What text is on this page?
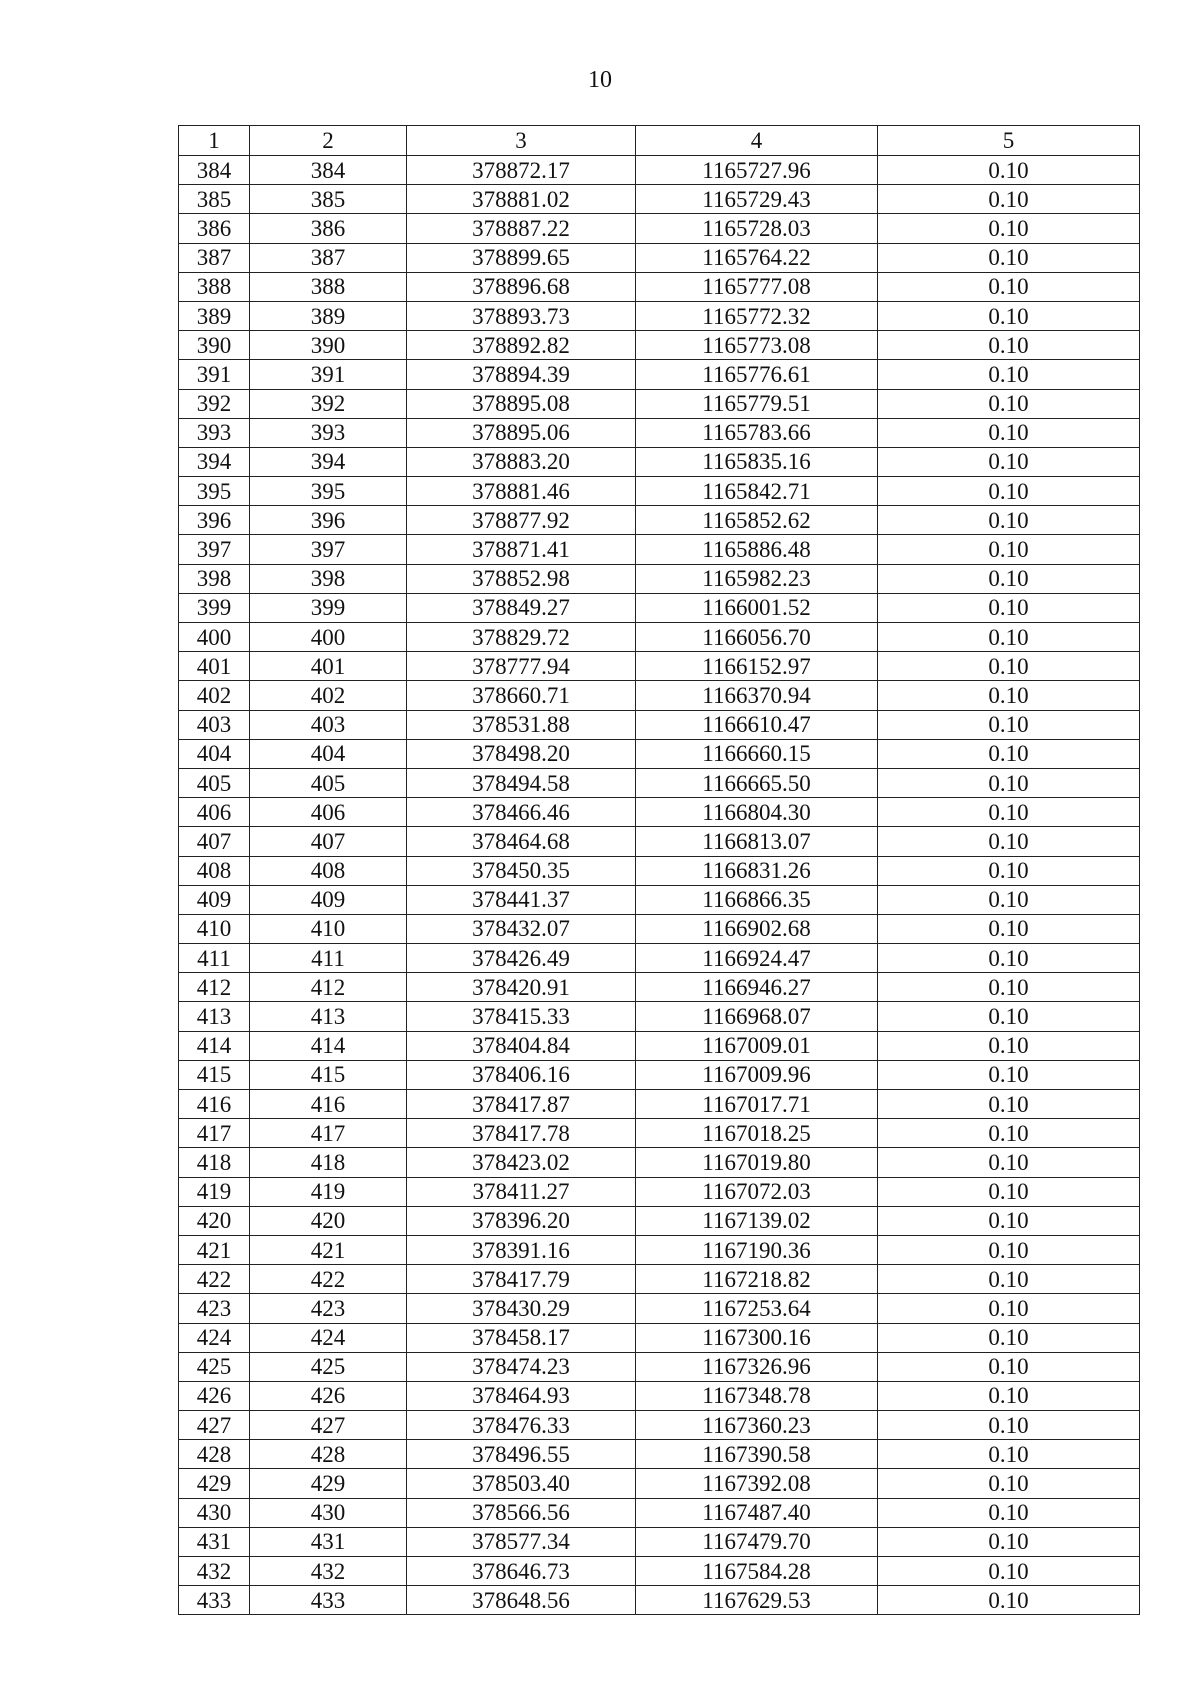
10
1	2	3	4	5
384	384	378872.17	1165727.96	0.10
385	385	378881.02	1165729.43	0.10
386	386	378887.22	1165728.03	0.10
387	387	378899.65	1165764.22	0.10
388	388	378896.68	1165777.08	0.10
389	389	378893.73	1165772.32	0.10
390	390	378892.82	1165773.08	0.10
391	391	378894.39	1165776.61	0.10
392	392	378895.08	1165779.51	0.10
393	393	378895.06	1165783.66	0.10
394	394	378883.20	1165835.16	0.10
395	395	378881.46	1165842.71	0.10
396	396	378877.92	1165852.62	0.10
397	397	378871.41	1165886.48	0.10
398	398	378852.98	1165982.23	0.10
399	399	378849.27	1166001.52	0.10
400	400	378829.72	1166056.70	0.10
401	401	378777.94	1166152.97	0.10
402	402	378660.71	1166370.94	0.10
403	403	378531.88	1166610.47	0.10
404	404	378498.20	1166660.15	0.10
405	405	378494.58	1166665.50	0.10
406	406	378466.46	1166804.30	0.10
407	407	378464.68	1166813.07	0.10
408	408	378450.35	1166831.26	0.10
409	409	378441.37	1166866.35	0.10
410	410	378432.07	1166902.68	0.10
411	411	378426.49	1166924.47	0.10
412	412	378420.91	1166946.27	0.10
413	413	378415.33	1166968.07	0.10
414	414	378404.84	1167009.01	0.10
415	415	378406.16	1167009.96	0.10
416	416	378417.87	1167017.71	0.10
417	417	378417.78	1167018.25	0.10
418	418	378423.02	1167019.80	0.10
419	419	378411.27	1167072.03	0.10
420	420	378396.20	1167139.02	0.10
421	421	378391.16	1167190.36	0.10
422	422	378417.79	1167218.82	0.10
423	423	378430.29	1167253.64	0.10
424	424	378458.17	1167300.16	0.10
425	425	378474.23	1167326.96	0.10
426	426	378464.93	1167348.78	0.10
427	427	378476.33	1167360.23	0.10
428	428	378496.55	1167390.58	0.10
429	429	378503.40	1167392.08	0.10
430	430	378566.56	1167487.40	0.10
431	431	378577.34	1167479.70	0.10
432	432	378646.73	1167584.28	0.10
433	433	378648.56	1167629.53	0.10
